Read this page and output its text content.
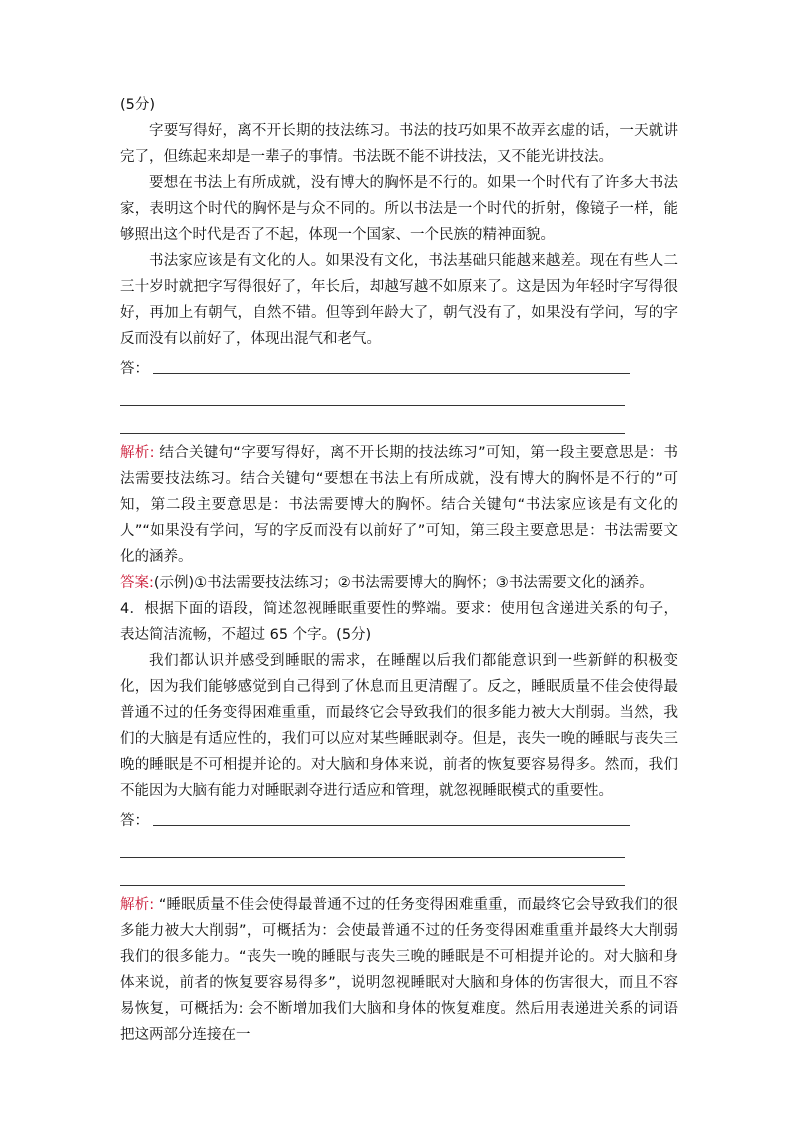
(5分)

字要写得好，离不开长期的技法练习。书法的技巧如果不故弄玄虚的话，一天就讲完了，但练起来却是一辈子的事情。书法既不能不讲技法，又不能光讲技法。

要想在书法上有所成就，没有博大的胸怀是不行的。如果一个时代有了许多大书法家，表明这个时代的胸怀是与众不同的。所以书法是一个时代的折射，像镜子一样，能够照出这个时代是否了不起，体现一个国家、一个民族的精神面貌。

书法家应该是有文化的人。如果没有文化，书法基础只能越来越差。现在有些人二三十岁时就把字写得很好了，年长后，却越写越不如原来了。这是因为年轻时字写得很好，再加上有朝气，自然不错。但等到年龄大了，朝气没有了，如果没有学问，写的字反而没有以前好了，体现出混气和老气。

答：

解析: 结合关键句“字要写得好，离不开长期的技法练习”可知，第一段主要意思是：书法需要技法练习。结合关键句“要想在书法上有所成就，没有博大的胸怀是不行的”可知，第二段主要意思是：书法需要博大的胸怀。结合关键句“书法家应该是有文化的人”“如果没有学问，写的字反而没有以前好了”可知，第三段主要意思是：书法需要文化的涵养。

答案:(示例)①书法需要技法练习；②书法需要博大的胸怀；③书法需要文化的涵养。

4．根据下面的语段，简述忽视睡眠重要性的弊端。要求：使用包含递进关系的句子，表达简洁流畅，不超过 65 个字。(5分)

我们都认识并感受到睡眠的需求，在睡醒以后我们都能意识到一些新鲜的积极变化，因为我们能够感觉到自己得到了休息而且更清醒了。反之，睡眠质量不佳会使得最普通不过的任务变得困难重重，而最终它会导致我们的很多能力被大大削弱。当然，我们的大脑是有适应性的，我们可以应对某些睡眠剥夺。但是，丧失一晚的睡眠与丧失三晚的睡眠是不可相提并论的。对大脑和身体来说，前者的恢复要容易得多。然而，我们不能因为大脑有能力对睡眠剥夺进行适应和管理，就忽视睡眠模式的重要性。

答：

解析: “睡眠质量不佳会使得最普通不过的任务变得困难重重，而最终它会导致我们的很多能力被大大削弱”，可概括为：会使最普通不过的任务变得困难重重并最终大大削弱我们的很多能力。“丧失一晚的睡眠与丧失三晚的睡眠是不可相提并论的。对大脑和身体来说，前者的恢复要容易得多”，说明忽视睡眠对大脑和身体的伤害很大，而且不容易恢复，可概括为: 会不断增加我们大脑和身体的恢复难度。然后用表递进关系的词语把这两部分连接在一
